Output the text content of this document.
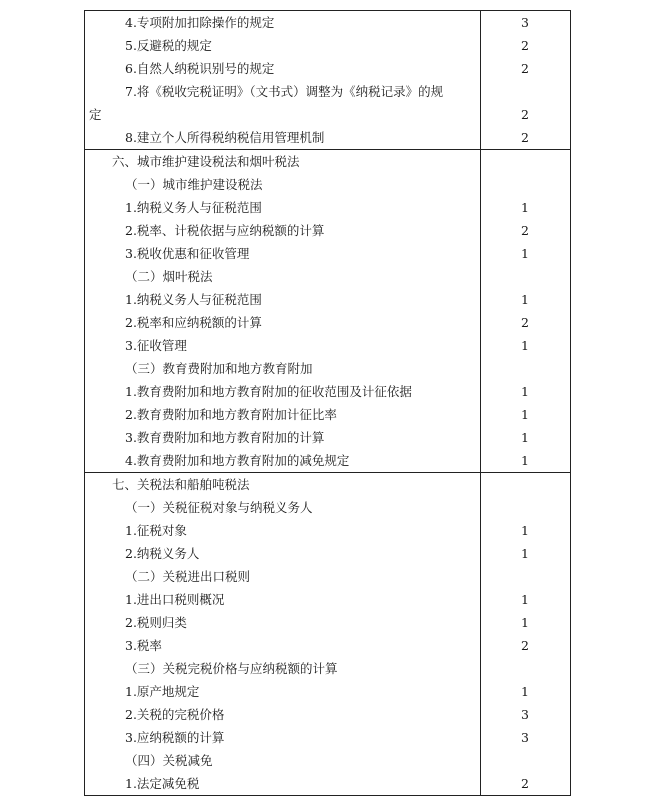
4.专项附加扣除操作的规定	3
5.反避税的规定	2
6.自然人纳税识别号的规定	2
7.将《税收完税证明》（文书式）调整为《纳税记录》的规
定	2
8.建立个人所得税纳税信用管理机制	2
六、城市维护建设税法和烟叶税法
（一）城市维护建设税法
1.纳税义务人与征税范围	1
2.税率、计税依据与应纳税额的计算	2
3.税收优惠和征收管理	1
（二）烟叶税法
1.纳税义务人与征税范围	1
2.税率和应纳税额的计算	2
3.征收管理	1
（三）教育费附加和地方教育附加
1.教育费附加和地方教育附加的征收范围及计征依据	1
2.教育费附加和地方教育附加计征比率	1
3.教育费附加和地方教育附加的计算	1
4.教育费附加和地方教育附加的减免规定	1
七、关税法和船舶吨税法
（一）关税征税对象与纳税义务人
1.征税对象	1
2.纳税义务人	1
（二）关税进出口税则
1.进出口税则概况	1
2.税则归类	1
3.税率	2
（三）关税完税价格与应纳税额的计算
1.原产地规定	1
2.关税的完税价格	3
3.应纳税额的计算	3
（四）关税减免
1.法定减免税	2
